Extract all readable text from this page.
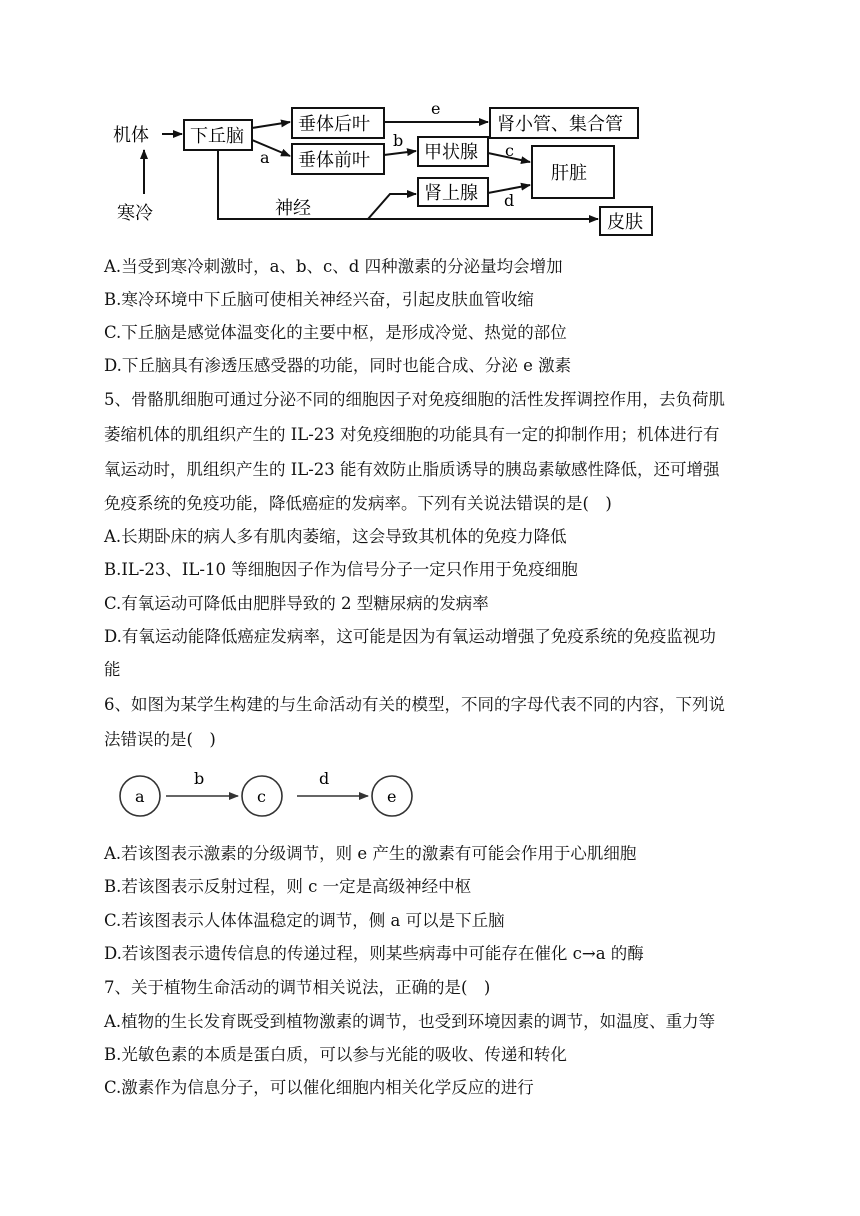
机体
寒冷
下丘脑
垂体后叶
垂体前叶
肾小管、集合管
甲状腺
肾上腺
肝脏
皮肤
神经
e
a
b
c
d
A.当受到寒冷刺激时，a、b、c、d 四种激素的分泌量均会增加
B.寒冷环境中下丘脑可使相关神经兴奋，引起皮肤血管收缩
C.下丘脑是感觉体温变化的主要中枢，是形成冷觉、热觉的部位
D.下丘脑具有渗透压感受器的功能，同时也能合成、分泌 e 激素
5、骨骼肌细胞可通过分泌不同的细胞因子对免疫细胞的活性发挥调控作用，去负荷肌
萎缩机体的肌组织产生的 IL-23 对免疫细胞的功能具有一定的抑制作用；机体进行有
氧运动时，肌组织产生的 IL-23 能有效防止脂质诱导的胰岛素敏感性降低，还可增强
免疫系统的免疫功能，降低癌症的发病率。下列有关说法错误的是(　)
A.长期卧床的病人多有肌肉萎缩，这会导致其机体的免疫力降低
B.IL-23、IL-10 等细胞因子作为信号分子一定只作用于免疫细胞
C.有氧运动可降低由肥胖导致的 2 型糖尿病的发病率
D.有氧运动能降低癌症发病率，这可能是因为有氧运动增强了免疫系统的免疫监视功
能
6、如图为某学生构建的与生命活动有关的模型，不同的字母代表不同的内容，下列说
法错误的是(　)
a	c	e
b	d
A.若该图表示激素的分级调节，则 e 产生的激素有可能会作用于心肌细胞
B.若该图表示反射过程，则 c 一定是高级神经中枢
C.若该图表示人体体温稳定的调节，侧 a 可以是下丘脑
D.若该图表示遗传信息的传递过程，则某些病毒中可能存在催化 c→a 的酶
7、关于植物生命活动的调节相关说法，正确的是(　)
A.植物的生长发育既受到植物激素的调节，也受到环境因素的调节，如温度、重力等
B.光敏色素的本质是蛋白质，可以参与光能的吸收、传递和转化
C.激素作为信息分子，可以催化细胞内相关化学反应的进行
